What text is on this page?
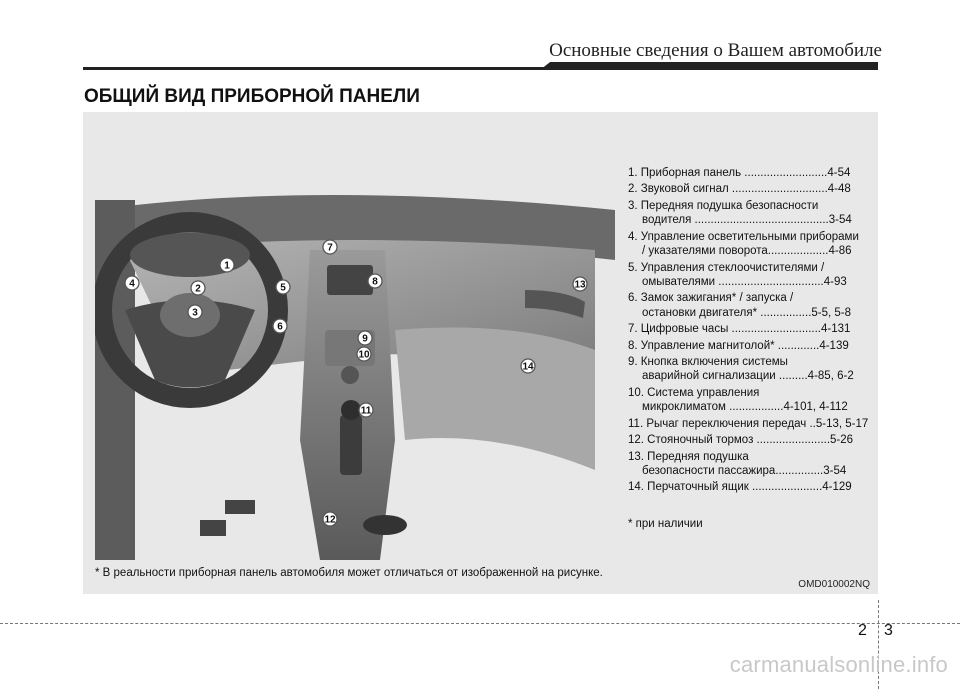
Основные сведения о Вашем автомобиле
ОБЩИЙ ВИД ПРИБОРНОЙ ПАНЕЛИ
1
2
3
4	5
6
7
8
9
10
11
12
13
14
1. Приборная панель ..........................4-54
2. Звуковой сигнал ..............................4-48
3. Передняя подушка безопасности
водителя ..........................................3-54
4. Управление осветительными приборами
/ указателями поворота...................4-86
5. Управления стеклоочистителями /
омывателями .................................4-93
6. Замок зажигания* / запуска /
остановки двигателя* ................5-5, 5-8
7. Цифровые часы ............................4-131
8. Управление магнитолой* .............4-139
9. Кнопка включения системы
аварийной сигнализации .........4-85, 6-2
10. Система управления
микроклиматом .................4-101, 4-112
11. Рычаг переключения передач ..5-13, 5-17
12. Стояночный тормоз .......................5-26
13. Передняя подушка
безопасности пассажира...............3-54
14. Перчаточный ящик ......................4-129
* при наличии
* В реальности приборная панель автомобиля может отличаться от изображенной на рисунке.
OMD010002NQ
2 3
carmanualsonline.info
